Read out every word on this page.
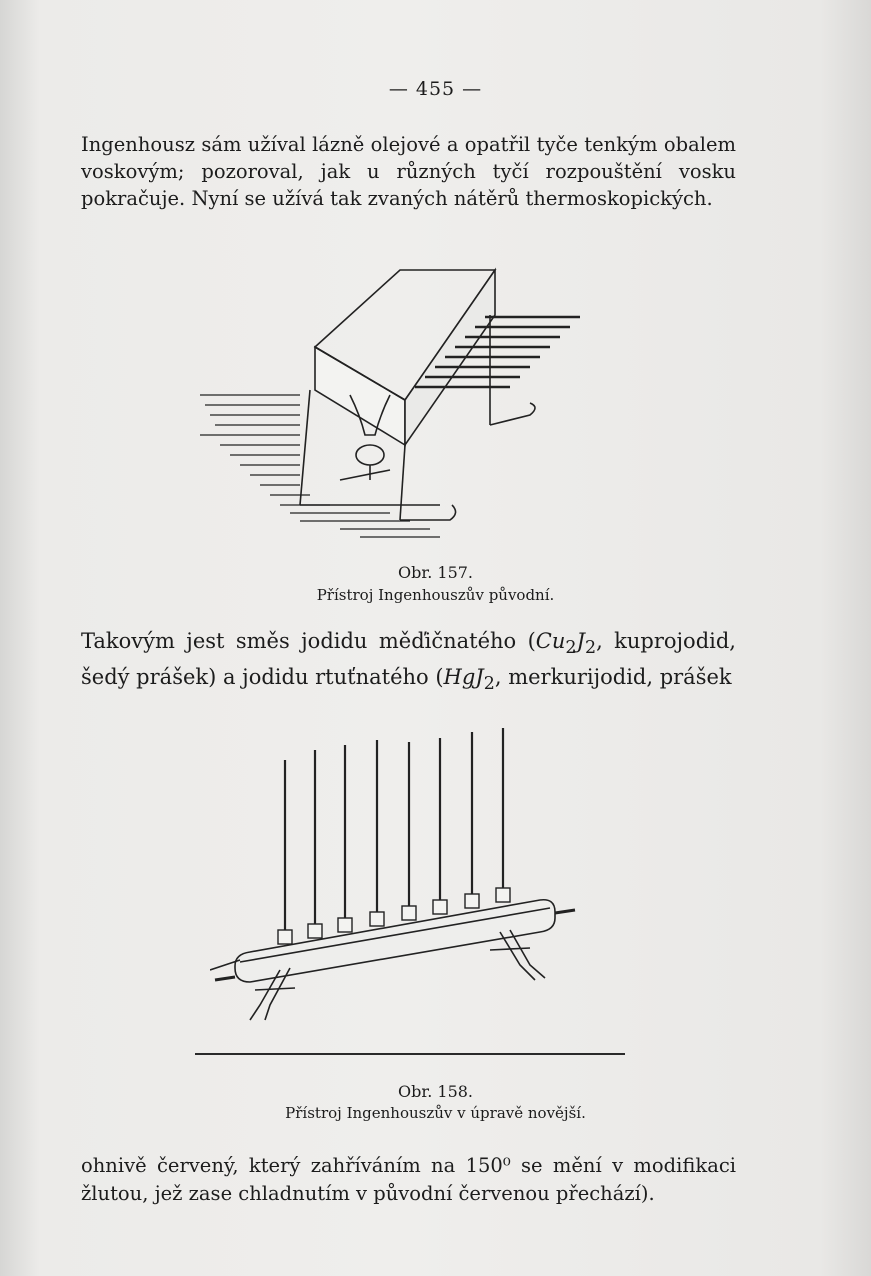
— 455 —
Ingenhousz sám užíval lázně olejové a opatřil tyče tenkým obalem voskovým; pozoroval, jak u různých tyčí rozpouštění vosku pokračuje. Nyní se užívá tak zvaných nátěrů thermoskopických.
Obr. 157.
Přístroj Ingenhouszův původní.
Takovým jest směs jodidu měďičnatého ($Cu_2J_2$, kuprojodid, šedý prášek) a jodidu rtuťnatého (HgJ$_2$, merkurijodid, prášek
Obr. 158.
Přístroj Ingenhouszův v úpravě novější.
ohnivě červený, který zahříváním na 150⁰ se mění v modifikaci žlutou, jež zase chladnutím v původní červenou přechází).
